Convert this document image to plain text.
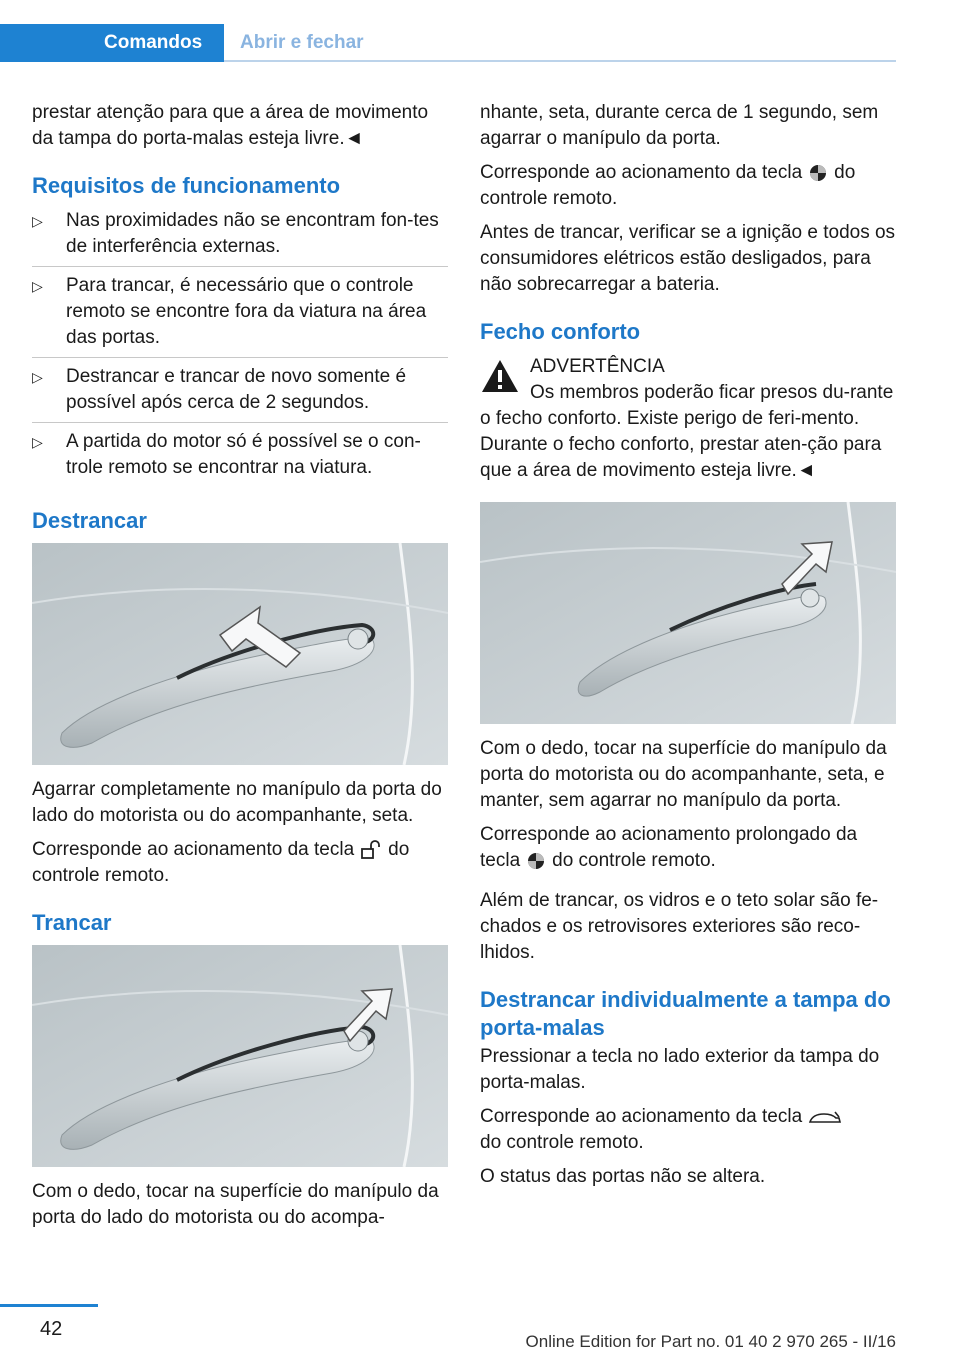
Comandos	Abrir e fechar

prestar atenção para que a área de movimento da tampa do porta-malas esteja livre.◄

Requisitos de funcionamento
▷ Nas proximidades não se encontram fon-tes de interferência externas.
▷ Para trancar, é necessário que o controle remoto se encontre fora da viatura na área das portas.
▷ Destrancar e trancar de novo somente é possível após cerca de 2 segundos.
▷ A partida do motor só é possível se o con-trole remoto se encontrar na viatura.
Destrancar

Agarrar completamente no manípulo da porta do lado do motorista ou do acompanhante, seta.

Corresponde ao acionamento da tecla do controle remoto.

Trancar

Com o dedo, tocar na superfície do manípulo da porta do lado do motorista ou do acompa-

nhante, seta, durante cerca de 1 segundo, sem agarrar o manípulo da porta.

Corresponde ao acionamento da tecla do controle remoto.

Antes de trancar, verificar se a ignição e todos os consumidores elétricos estão desligados, para não sobrecarregar a bateria.

Fecho conforto

ADVERTÊNCIA

Os membros poderão ficar presos du-rante o fecho conforto. Existe perigo de feri-mento. Durante o fecho conforto, prestar aten-ção para que a área de movimento esteja livre.◄

Com o dedo, tocar na superfície do manípulo da porta do motorista ou do acompanhante, seta, e manter, sem agarrar no manípulo da porta.

Corresponde ao acionamento prolongado da tecla do controle remoto.

Além de trancar, os vidros e o teto solar são fe-chados e os retrovisores exteriores são reco-lhidos.

Destrancar individualmente a tampa do porta-malas

Pressionar a tecla no lado exterior da tampa do porta-malas.

Corresponde ao acionamento da tecla
do controle remoto.

O status das portas não se altera.

42
Online Edition for Part no. 01 40 2 970 265 - II/16
